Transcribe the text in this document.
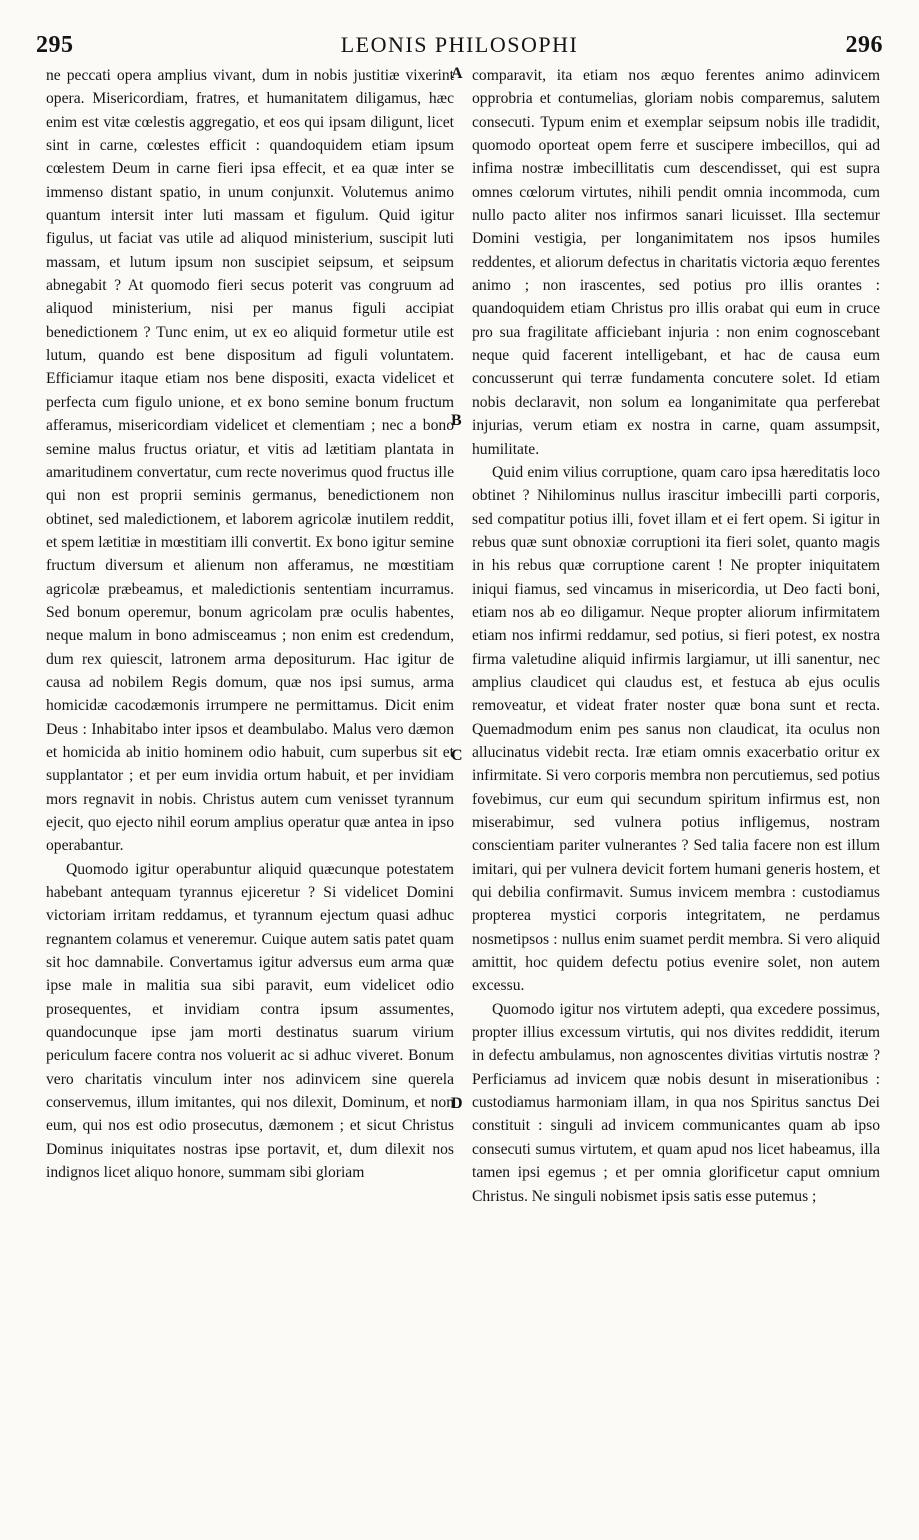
295	LEONIS PHILOSOPHI	296

ne peccati opera amplius vivant, dum in nobis justitiæ vixerint opera. Misericordiam, fratres, et humanitatem diligamus, hæc enim est vitæ cœlestis aggregatio, et eos qui ipsam diligunt, licet sint in carne, cœlestes efficit : quandoquidem etiam ipsum cœlestem Deum in carne fieri ipsa effecit, et ea quæ inter se immenso distant spatio, in unum conjunxit. Volutemus animo quantum intersit inter luti massam et figulum. Quid igitur figulus, ut faciat vas utile ad aliquod ministerium, suscipit luti massam, et lutum ipsum non suscipiet seipsum, et seipsum abnegabit ? At quomodo fieri secus poterit vas congruum ad aliquod ministerium, nisi per manus figuli accipiat benedictionem ? Tunc enim, ut ex eo aliquid formetur utile est lutum, quando est bene dispositum ad figuli voluntatem. Efficiamur itaque etiam nos bene dispositi, exacta videlicet et perfecta cum figulo unione, et ex bono semine bonum fructum afferamus, misericordiam videlicet et clementiam ; nec a bono semine malus fructus oriatur, et vitis ad lætitiam plantata in amaritudinem convertatur, cum recte noverimus quod fructus ille qui non est proprii seminis germanus, benedictionem non obtinet, sed maledictionem, et laborem agricolæ inutilem reddit, et spem lætitiæ in mœstitiam illi convertit. Ex bono igitur semine fructum diversum et alienum non afferamus, ne mœstitiam agricolæ præbeamus, et maledictionis sententiam incurramus. Sed bonum operemur, bonum agricolam præ oculis habentes, neque malum in bono admisceamus ; non enim est credendum, dum rex quiescit, latronem arma depositurum. Hac igitur de causa ad nobilem Regis domum, quæ nos ipsi sumus, arma homicidæ cacodæmonis irrumpere ne permittamus. Dicit enim Deus : Inhabitabo inter ipsos et deambulabo. Malus vero dæmon et homicida ab initio hominem odio habuit, cum superbus sit et supplantator ; et per eum invidia ortum habuit, et per invidiam mors regnavit in nobis. Christus autem cum venisset tyrannum ejecit, quo ejecto nihil eorum amplius operatur quæ antea in ipso operabantur.

Quomodo igitur operabuntur aliquid quæcunque potestatem habebant antequam tyrannus ejiceretur ? Si videlicet Domini victoriam irritam reddamus, et tyrannum ejectum quasi adhuc regnantem colamus et veneremur. Cuique autem satis patet quam sit hoc damnabile. Convertamus igitur adversus eum arma quæ ipse male in malitia sua sibi paravit, eum videlicet odio prosequentes, et invidiam contra ipsum assumentes, quandocunque ipse jam morti destinatus suarum virium periculum facere contra nos voluerit ac si adhuc viveret. Bonum vero charitatis vinculum inter nos adinvicem sine querela conservemus, illum imitantes, qui nos dilexit, Dominum, et non eum, qui nos est odio prosecutus, dæmonem ; et sicut Christus Dominus iniquitates nostras ipse portavit, et, dum dilexit nos indignos licet aliquo honore, summam sibi gloriam

A
B
C
D

comparavit, ita etiam nos æquo ferentes animo adinvicem opprobria et contumelias, gloriam nobis comparemus, salutem consecuti. Typum enim et exemplar seipsum nobis ille tradidit, quomodo oporteat opem ferre et suscipere imbecillos, qui ad infima nostræ imbecillitatis cum descendisset, qui est supra omnes cœlorum virtutes, nihili pendit omnia incommoda, cum nullo pacto aliter nos infirmos sanari licuisset. Illa sectemur Domini vestigia, per longanimitatem nos ipsos humiles reddentes, et aliorum defectus in charitatis victoria æquo ferentes animo ; non irascentes, sed potius pro illis orantes : quandoquidem etiam Christus pro illis orabat qui eum in cruce pro sua fragilitate afficiebant injuria : non enim cognoscebant neque quid facerent intelligebant, et hac de causa eum concusserunt qui terræ fundamenta concutere solet. Id etiam nobis declaravit, non solum ea longanimitate qua perferebat injurias, verum etiam ex nostra in carne, quam assumpsit, humilitate.

Quid enim vilius corruptione, quam caro ipsa hæreditatis loco obtinet ? Nihilominus nullus irascitur imbecilli parti corporis, sed compatitur potius illi, fovet illam et ei fert opem. Si igitur in rebus quæ sunt obnoxiæ corruptioni ita fieri solet, quanto magis in his rebus quæ corruptione carent ! Ne propter iniquitatem iniqui fiamus, sed vincamus in misericordia, ut Deo facti boni, etiam nos ab eo diligamur. Neque propter aliorum infirmitatem etiam nos infirmi reddamur, sed potius, si fieri potest, ex nostra firma valetudine aliquid infirmis largiamur, ut illi sanentur, nec amplius claudicet qui claudus est, et festuca ab ejus oculis removeatur, et videat frater noster quæ bona sunt et recta. Quemadmodum enim pes sanus non claudicat, ita oculus non allucinatus videbit recta. Iræ etiam omnis exacerbatio oritur ex infirmitate. Si vero corporis membra non percutiemus, sed potius fovebimus, cur eum qui secundum spiritum infirmus est, non miserabimur, sed vulnera potius infligemus, nostram conscientiam pariter vulnerantes ? Sed talia facere non est illum imitari, qui per vulnera devicit fortem humani generis hostem, et qui debilia confirmavit. Sumus invicem membra : custodiamus propterea mystici corporis integritatem, ne perdamus nosmetipsos : nullus enim suamet perdit membra. Si vero aliquid amittit, hoc quidem defectu potius evenire solet, non autem excessu.

Quomodo igitur nos virtutem adepti, qua excedere possimus, propter illius excessum virtutis, qui nos divites reddidit, iterum in defectu ambulamus, non agnoscentes divitias virtutis nostræ ? Perficiamus ad invicem quæ nobis desunt in miserationibus : custodiamus harmoniam illam, in qua nos Spiritus sanctus Dei constituit : singuli ad invicem communicantes quam ab ipso consecuti sumus virtutem, et quam apud nos licet habeamus, illa tamen ipsi egemus ; et per omnia glorificetur caput omnium Christus. Ne singuli nobismet ipsis satis esse putemus ;
